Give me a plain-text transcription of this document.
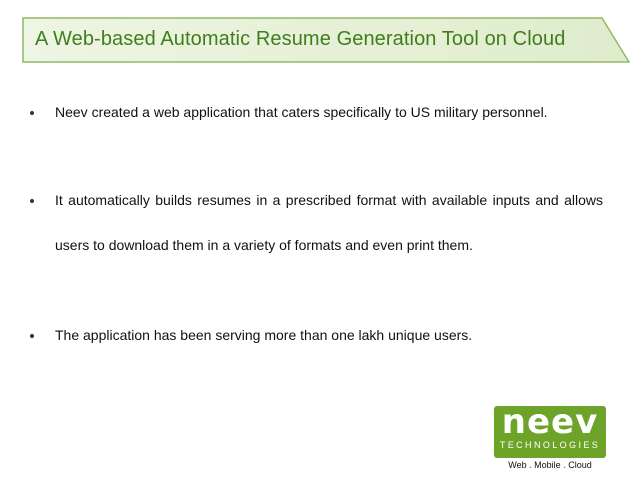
A Web-based Automatic Resume Generation Tool on Cloud
Neev created a web application that caters specifically to US military personnel.
It automatically builds resumes in a prescribed format with available inputs and allows users to download them in a variety of formats and even print them.
The application has been serving more than one lakh unique users.
neev
TECHNOLOGIES
Web . Mobile . Cloud
